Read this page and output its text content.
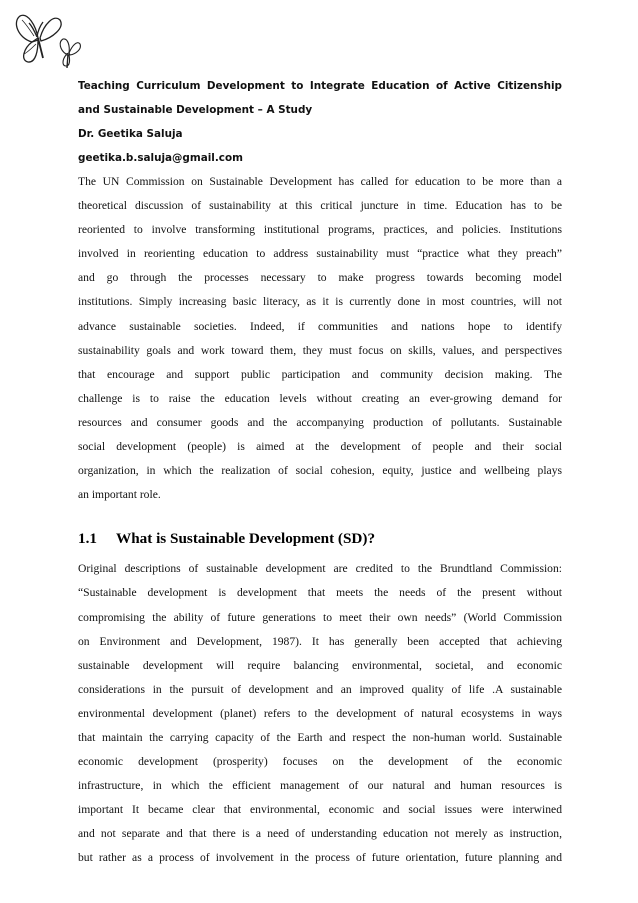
Teaching Curriculum Development to Integrate Education of Active Citizenship
and Sustainable Development – A Study
Dr. Geetika Saluja
geetika.b.saluja@gmail.com
The UN Commission on Sustainable Development has called for education to be more than a
theoretical discussion of sustainability at this critical juncture in time. Education has to be
reoriented to involve transforming institutional programs, practices, and policies. Institutions
involved in reorienting education to address sustainability must “practice what they preach”
and go through the processes necessary to make progress towards becoming model
institutions. Simply increasing basic literacy, as it is currently done in most countries, will not
advance sustainable societies. Indeed, if communities and nations hope to identify
sustainability goals and work toward them, they must focus on skills, values, and perspectives
that encourage and support public participation and community decision making. The
challenge is to raise the education levels without creating an ever-growing demand for
resources and consumer goods and the accompanying production of pollutants. Sustainable
social development (people) is aimed at the development of people and their social
organization, in which the realization of social cohesion, equity, justice and wellbeing plays
an important role.
1.1 What is Sustainable Development (SD)?
Original descriptions of sustainable development are credited to the Brundtland Commission:
“Sustainable development is development that meets the needs of the present without
compromising the ability of future generations to meet their own needs” (World Commission
on Environment and Development, 1987). It has generally been accepted that achieving
sustainable development will require balancing environmental, societal, and economic
considerations in the pursuit of development and an improved quality of life .A sustainable
environmental development (planet) refers to the development of natural ecosystems in ways
that maintain the carrying capacity of the Earth and respect the non-human world. Sustainable
economic development (prosperity) focuses on the development of the economic
infrastructure, in which the efficient management of our natural and human resources is
important It became clear that environmental, economic and social issues were interwined
and not separate and that there is a need of understanding education not merely as instruction,
but rather as a process of involvement in the process of future orientation, future planning and
